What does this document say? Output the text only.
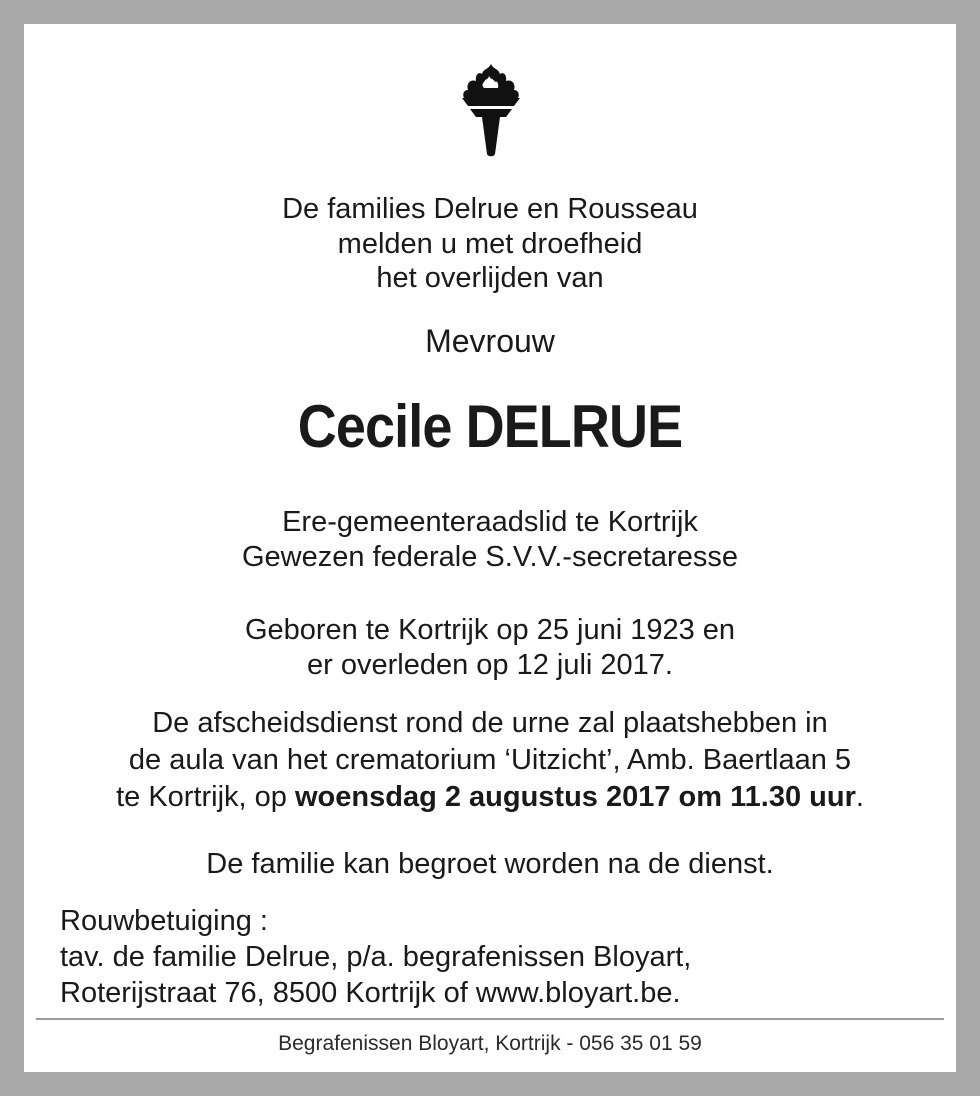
De families Delrue en Rousseau
melden u met droefheid
het overlijden van
Mevrouw
Cecile DELRUE
Ere-gemeenteraadslid te Kortrijk
Gewezen federale S.V.V.-secretaresse
Geboren te Kortrijk op 25 juni 1923 en
er overleden op 12 juli 2017.
De afscheidsdienst rond de urne zal plaatshebben in
de aula van het crematorium ‘Uitzicht’, Amb. Baertlaan 5
te Kortrijk, op woensdag 2 augustus 2017 om 11.30 uur.
De familie kan begroet worden na de dienst.
Rouwbetuiging :
tav. de familie Delrue, p/a. begrafenissen Bloyart,
Roterijstraat 76, 8500 Kortrijk of www.bloyart.be.
Begrafenissen Bloyart, Kortrijk - 056 35 01 59
